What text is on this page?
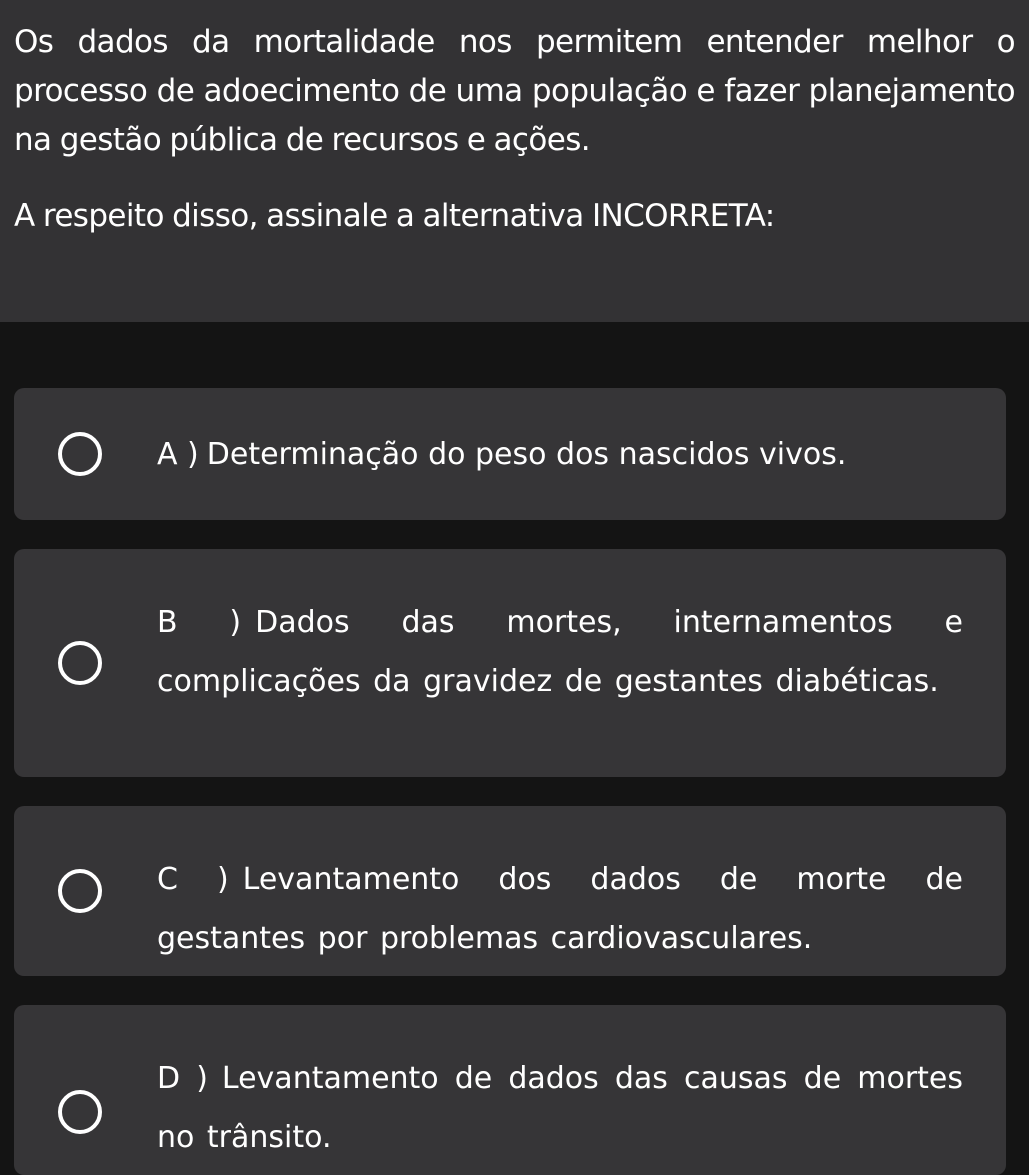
Os dados da mortalidade nos permitem entender melhor o processo de adoecimento de uma população e fazer planejamento na gestão pública de recursos e ações.

A respeito disso, assinale a alternativa INCORRETA:

A ) Determinação do peso dos nascidos vivos.
B ) Dados das mortes, internamentos e complicações da gravidez de gestantes diabéticas.
C ) Levantamento dos dados de morte de gestantes por problemas cardiovasculares.
D ) Levantamento de dados das causas de mortes no trânsito.
